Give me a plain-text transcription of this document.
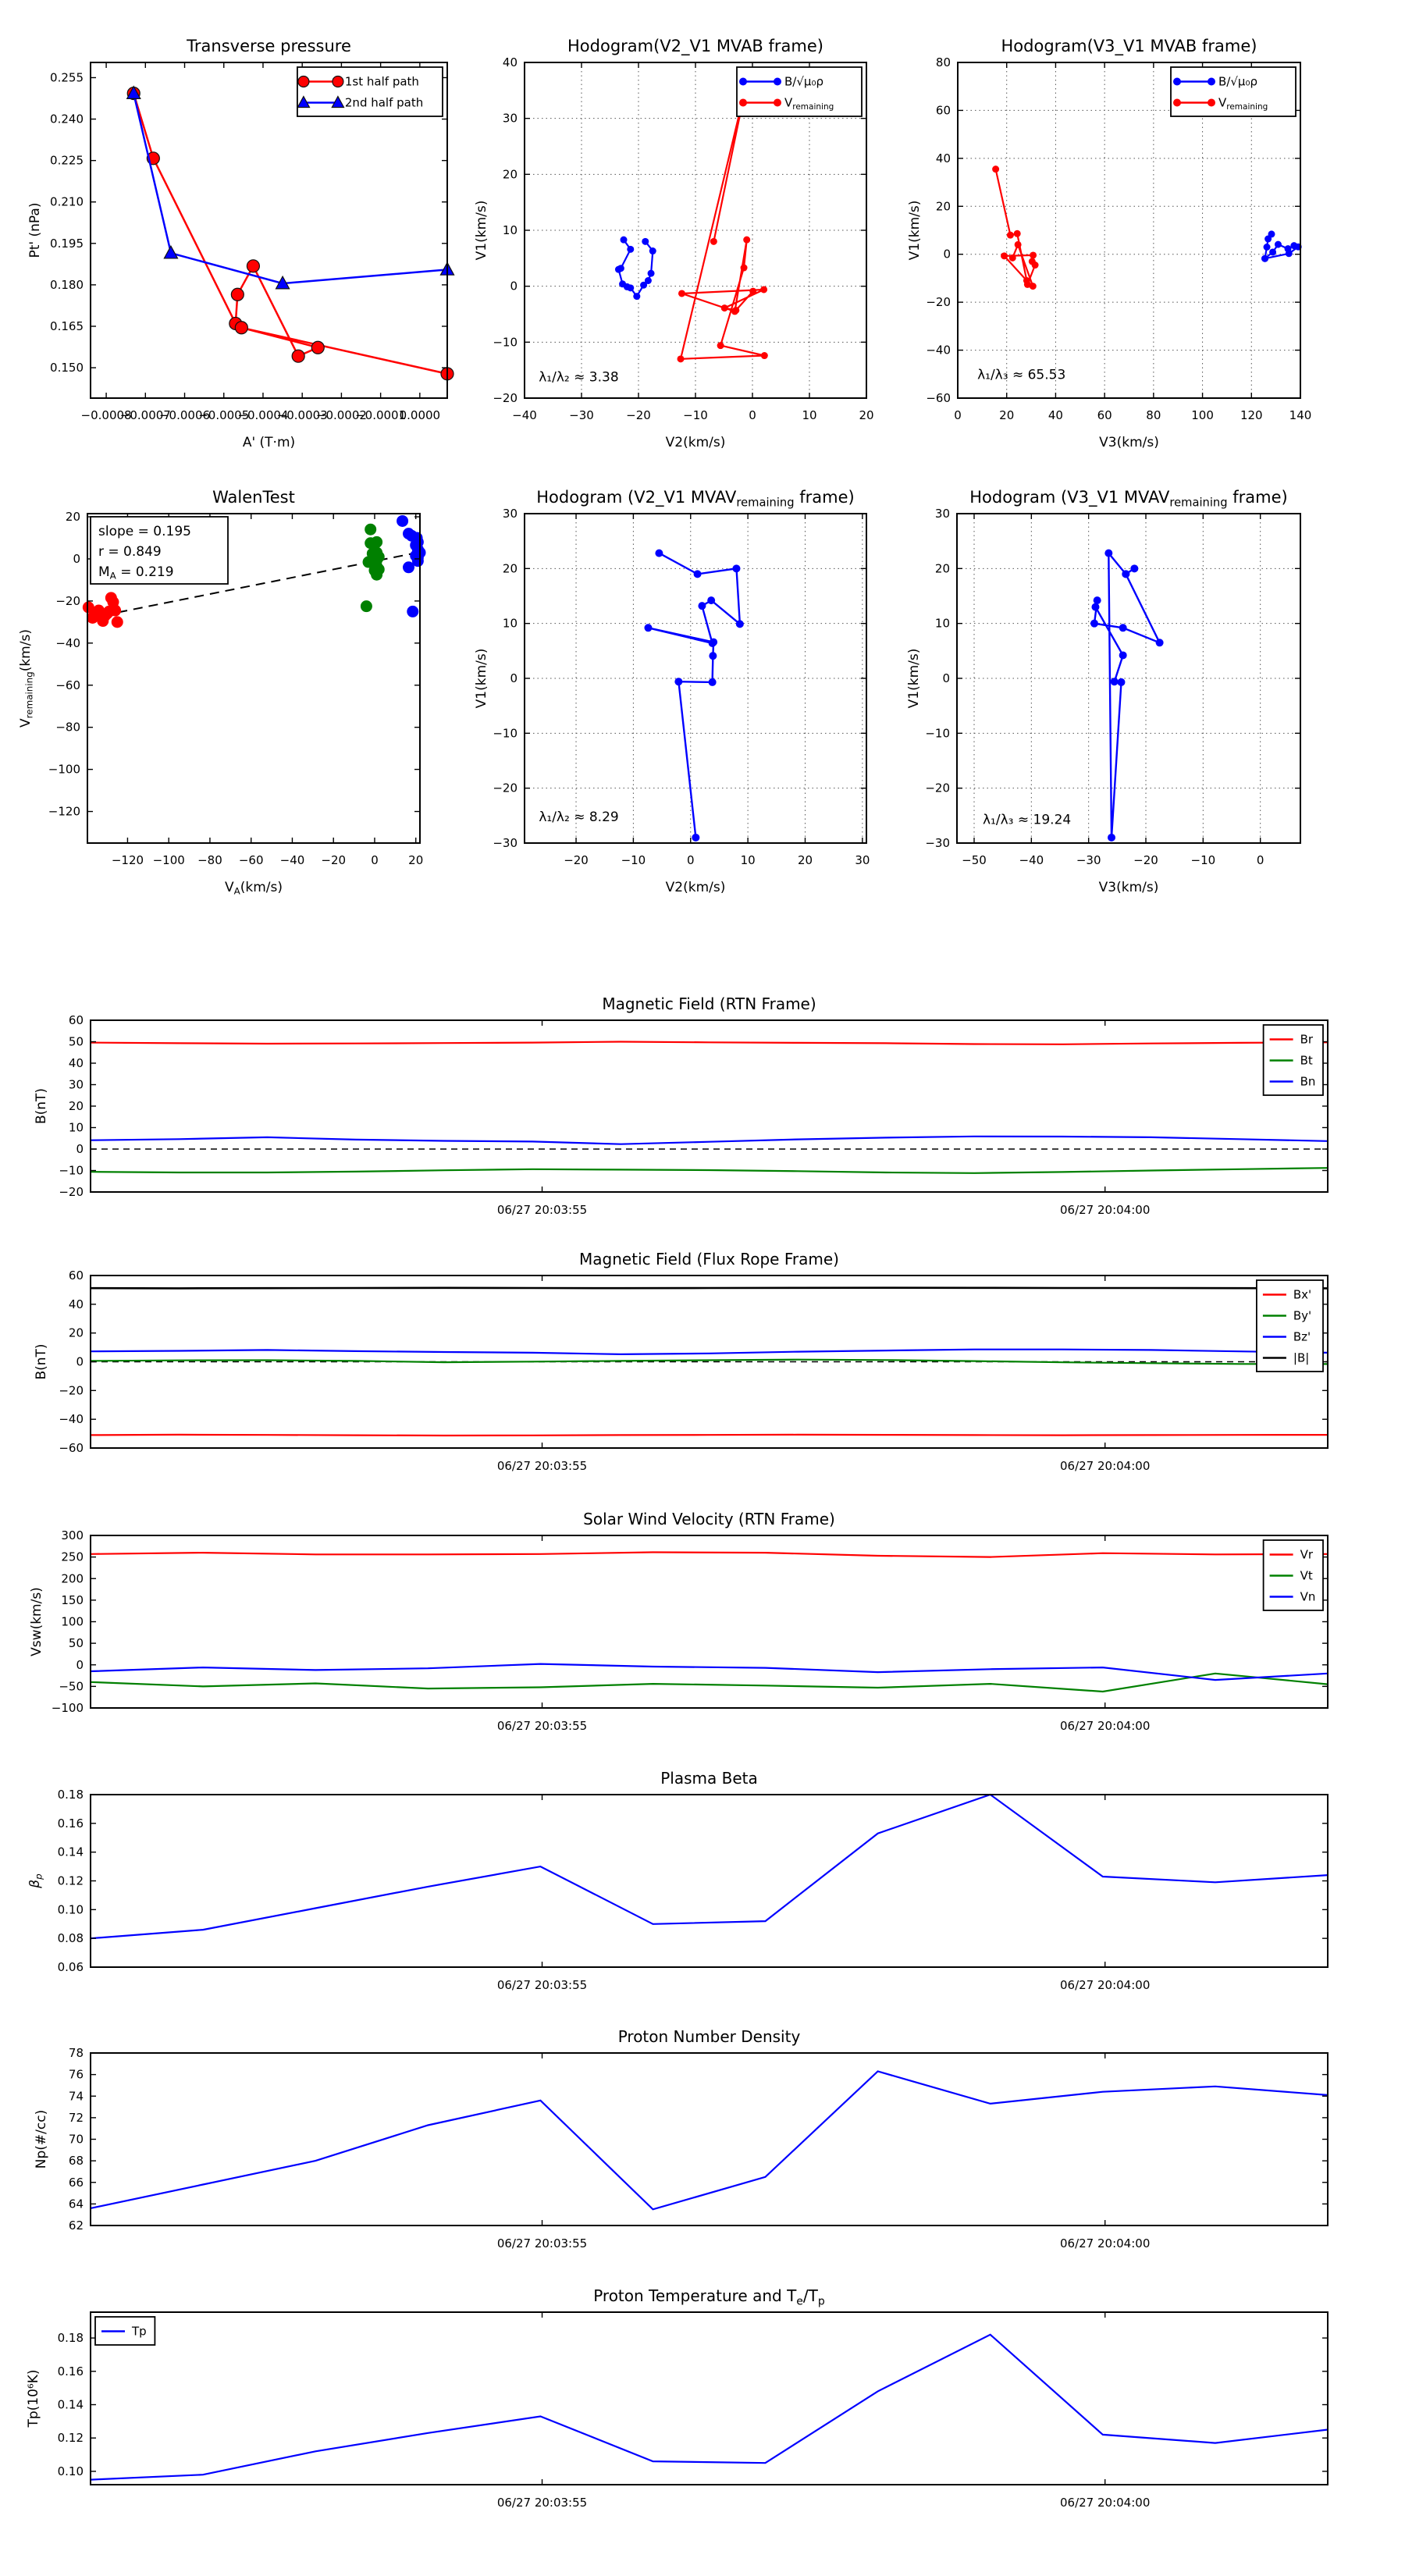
−0.0008
−0.0007
−0.0006
−0.0005
−0.0004
−0.0003
−0.0002
−0.0001
0.0000
0.150
0.165
0.180
0.195
0.210
0.225
0.240
0.255
Transverse pressure
A' (T·m)
Pt' (nPa)
1st half path
2nd half path
−40	−30	−20	−10	0	10	20
−20
−10
0
10
20
30
40
Hodogram(V2_V1 MVAB frame)
V2(km/s)
V1(km/s)
λ₁/λ₂ ≈ 3.38
B/√μ₀ρ
$V_{remaining}$
0	20	40	60	80	100 120 140
−60
−40
−20
0
20
40
60
80
Hodogram(V3_V1 MVAB frame)
V3(km/s)
V1(km/s)
λ₁/λ₃ ≈ 65.53
B/√μ₀ρ
$V_{remaining}$
−120 −100 −80 −60 −40 −20 0	20
−120
−100
−80
−60
−40
−20
0
20
WalenTest
$V_A(km/s)$
$V_{remaining}(km/s)$
slope = 0.195
r = 0.849
$M_A = 0.219$
−20	−10	0	10	20	30
−30
−20
−10
0
10
20
30
Hodogram (V2_V1 $MVAV_{remaining}$ frame)
V2(km/s)
V1(km/s)
λ₁/λ₂ ≈ 8.29
−50	−40	−30	−20	−10	0
−30
−20
−10
0
10
20
30
Hodogram (V3_V1 $MVAV_{remaining}$ frame)
V3(km/s)
V1(km/s)
λ₁/λ₃ ≈ 19.24
06/27 20:03:55	06/27 20:04:00
−20
−10
0
10
20
30
40
50
60
Magnetic Field (RTN Frame)
B(nT)
Br
Bt
Bn
06/27 20:03:55	06/27 20:04:00
−60
−40
−20
0
20
40
60
Magnetic Field (Flux Rope Frame)
B(nT)
Bx'
By'
Bz'
|B|
06/27 20:03:55	06/27 20:04:00
−100
−50
0
50
100
150
200
250
300
Solar Wind Velocity (RTN Frame)
Vsw(km/s)
Vr
Vt
Vn
06/27 20:03:55	06/27 20:04:00
0.06
0.08
0.10
0.12
0.14
0.16
0.18
Plasma Beta
$\beta_p$
06/27 20:03:55	06/27 20:04:00
62
64
66
68
70
72
74
76
78
Proton Number Density
Np(#/cc)
06/27 20:03:55	06/27 20:04:00
0.10
0.12
0.14
0.16
0.18
Proton Temperature and $T_e/T_p$
Tp(10⁶K)
Tp
